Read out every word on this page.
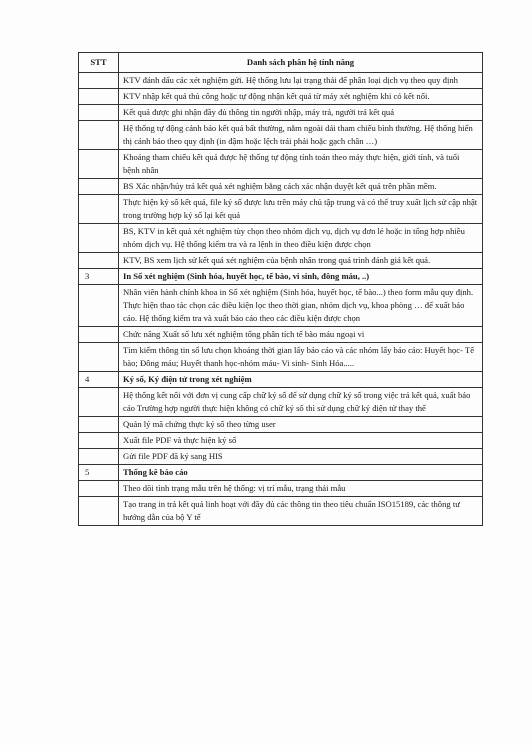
STT	Danh sách phân hệ tính năng
	KTV đánh dấu các xét nghiệm gửi. Hệ thống lưu lại trạng thái để phân loại dịch vụ theo quy định
	KTV nhập kết quả thủ công hoặc tự động nhận kết quả từ máy xét nghiệm khi có kết nối.
	Kết quả được ghi nhận đầy đủ thông tin người nhập, máy trả, người trả kết quả
	Hệ thống tự động cảnh báo kết quả bất thường, nằm ngoài dải tham chiếu bình thường. Hệ thống hiển thị cảnh báo theo quy định (in đậm hoặc lệch trái phải hoặc gạch chân …)
	Khoảng tham chiếu kết quả được hệ thống tự động tính toán theo máy thực hiện, giới tính, và tuổi bệnh nhân
	BS Xác nhận/hủy trả kết quả xét nghiệm bằng cách xác nhận duyệt kết quả trên phần mềm.
	Thực hiện ký số kết quả, file ký số được lưu trên máy chủ tập trung và có thể truy xuất lịch sử cập nhật trong trường hợp ký số lại kết quả
	BS, KTV in kết quả xét nghiệm tùy chọn theo nhóm dịch vụ, dịch vụ đơn lẻ hoặc in tổng hợp nhiều nhóm dịch vụ. Hệ thống kiểm tra và ra lệnh in theo điều kiện được chọn
	KTV, BS xem lịch sử kết quả xét nghiệm của bệnh nhân trong quá trình đánh giá kết quả.
3	In Sổ xét nghiệm (Sinh hóa, huyết học, tế bào, vi sinh, đông máu, ..)
	Nhân viên hành chính khoa in Sổ xét nghiệm (Sinh hóa, huyết học, tế bào...) theo form mẫu quy định. Thực hiện thao tác chọn các điều kiện lọc theo thời gian, nhóm dịch vụ, khoa phòng … để xuất báo cáo. Hệ thống kiểm tra và xuất báo cáo theo các điều kiện được chọn
	Chức năng Xuất sổ lưu xét nghiệm tổng phân tích tế bào máu ngoại vi
	Tìm kiếm thông tin sổ lưu chọn khoảng thời gian lấy báo cáo và các nhóm lấy báo cáo: Huyết học- Tế bào; Đông máu; Huyết thanh học-nhóm máu- Vi sinh- Sinh Hóa.....
4	Ký số, Ký điện tử trong xét nghiệm
	Hệ thống kết nối với đơn vị cung cấp chữ ký số để sử dụng chữ ký số trong việc trả kết quả, xuất báo cáo Trường hợp người thực hiện không có chữ ký số thì sử dụng chữ ký điện tử thay thế
	Quản lý mã chứng thực ký số theo từng user
	Xuất file PDF và thực hiện ký số
	Gửi file PDF đã ký sang HIS
5	Thống kê báo cáo
	Theo dõi tình trạng mẫu trên hệ thống: vị trí mẫu, trạng thái mẫu
	Tạo trang in trả kết quả linh hoạt với đầy đủ các thông tin theo tiêu chuẩn ISO15189, các thông tư hướng dẫn của bộ Y tế
